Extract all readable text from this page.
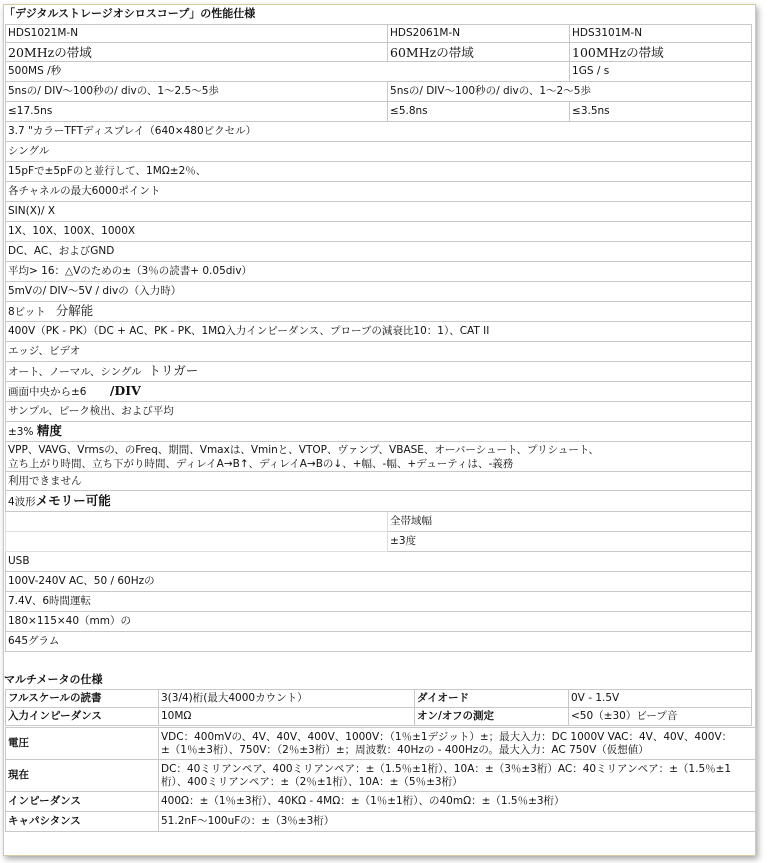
「デジタルストレージオシロスコープ」の性能仕様
HDS1021M-N	HDS2061M-N	HDS3101M-N
20MHzの帯域	60MHzの帯域	100MHzの帯域
500MS /秒		1GS / s
5nsの/ DIV〜100秒の/ divの、1〜2.5〜5歩	5nsの/ DIV〜100秒の/ divの、1〜2〜5歩	
≤17.5ns	≤5.8ns	≤3.5ns
3.7 "カラーTFTディスプレイ（640×480ピクセル）		
シングル		
15pFで±5pFのと並行して、1MΩ±2％、		
各チャネルの最大6000ポイント		
SIN(X)/ X		
1X、10X、100X、1000X		
DC、AC、およびGND		
平均> 16：△Vのための±（3％の読書+ 0.05div）		
5mVの/ DIV〜5V / divの（入力時）		
8ビット 分解能		
400V（PK - PK）（DC + AC、PK - PK、1MΩ入力インピーダンス、プローブの減衰比10：1）、CAT II		
エッジ、ビデオ		
オート、ノーマル、シングル トリガー		
画面中央から±6 /DIV		
サンプル、ピーク検出、および平均		
±3% 精度		

VPP、VAVG、Vrmsの、のFreq、期間、Vmaxは、Vminと、VTOP、ヴァンプ、VBASE、オーバーシュート、プリシュート、
立ち上がり時間、立ち下がり時間、ディレイA→B↑、ディレイA→Bの↓、+幅、-幅、+デューティは、-義務		

利用できません		
4波形メモリー可能		
	全帯域幅	
	±3度	
USB		
100V-240V AC、50 / 60Hzの		
7.4V、6時間運転		
180×115×40（mm）の		
645グラム		
マルチメータの仕様
フルスケールの読書	3(3/4)桁(最大4000カウント）	ダイオード	0V - 1.5V
入力インピーダンス	10MΩ	オン/オフの測定	<50（±30）ビープ音
電圧	VDC：400mVの、4V、40V、400V、1000V：（1％±1デジット）±；最大入力：DC 1000V VAC：4V、40V、400V：±（1％±3桁）、750V：（2％±3桁）±；周波数：40Hzの - 400Hzの。最大入力：AC 750V（仮想値）
現在	DC：40ミリアンペア、400ミリアンペア：±（1.5％±1桁）、10A：±（3％±3桁）AC：40ミリアンペア：±（1.5％±1桁）、400ミリアンペア：±（2％±1桁）、10A：±（5％±3桁）
インピーダンス	400Ω：±（1％±3桁）、40KΩ - 4MΩ：±（1％±1桁）、の40mΩ：±（1.5％±3桁）
キャパシタンス	51.2nF〜100uFの：±（3％±3桁）
